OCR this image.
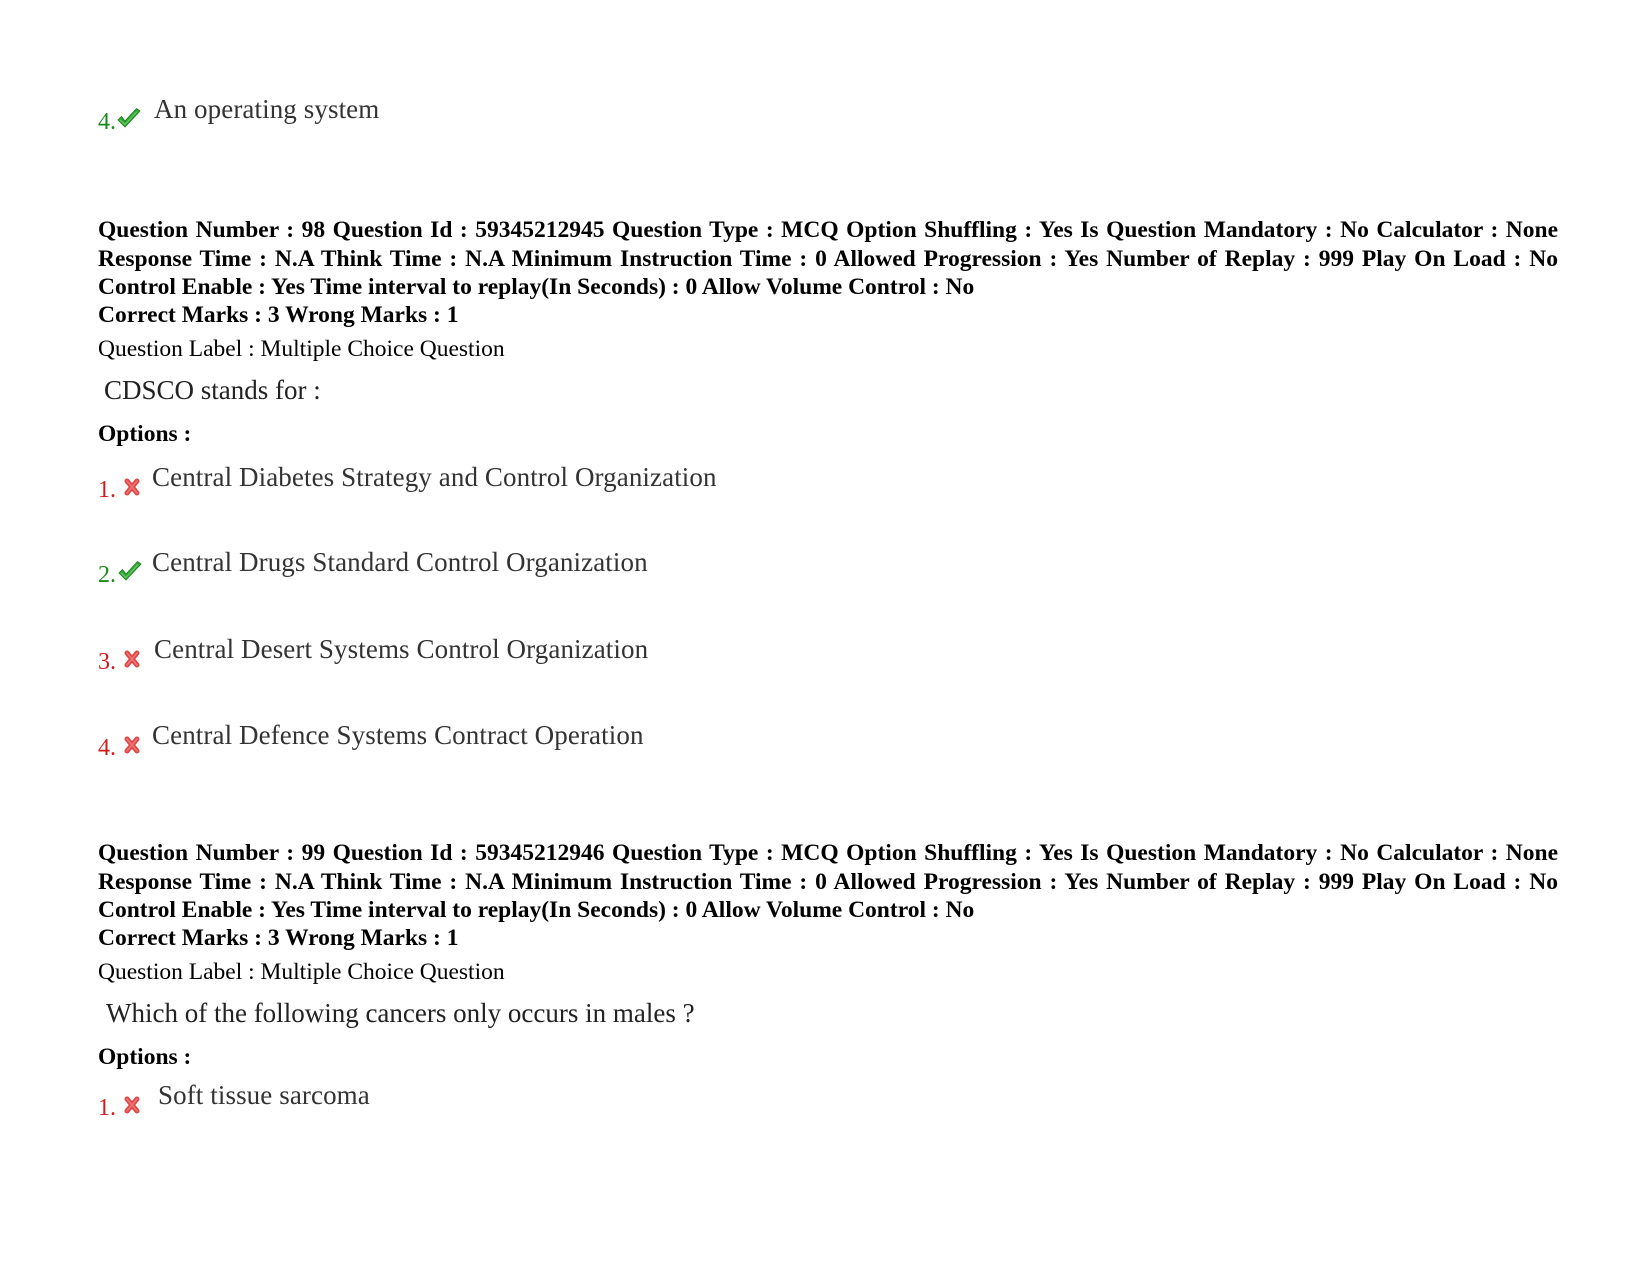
4. An operating system
Question Number : 98 Question Id : 59345212945 Question Type : MCQ Option Shuffling : Yes Is Question Mandatory : No Calculator : None Response Time : N.A Think Time : N.A Minimum Instruction Time : 0 Allowed Progression : Yes Number of Replay : 999 Play On Load : No Control Enable : Yes Time interval to replay(In Seconds) : 0 Allow Volume Control : No
Correct Marks : 3 Wrong Marks : 1
Question Label : Multiple Choice Question
CDSCO stands for :
Options :
1. Central Diabetes Strategy and Control Organization
2. Central Drugs Standard Control Organization
3. Central Desert Systems Control Organization
4. Central Defence Systems Contract Operation
Question Number : 99 Question Id : 59345212946 Question Type : MCQ Option Shuffling : Yes Is Question Mandatory : No Calculator : None Response Time : N.A Think Time : N.A Minimum Instruction Time : 0 Allowed Progression : Yes Number of Replay : 999 Play On Load : No Control Enable : Yes Time interval to replay(In Seconds) : 0 Allow Volume Control : No
Correct Marks : 3 Wrong Marks : 1
Question Label : Multiple Choice Question
Which of the following cancers only occurs in males ?
Options :
1. Soft tissue sarcoma
